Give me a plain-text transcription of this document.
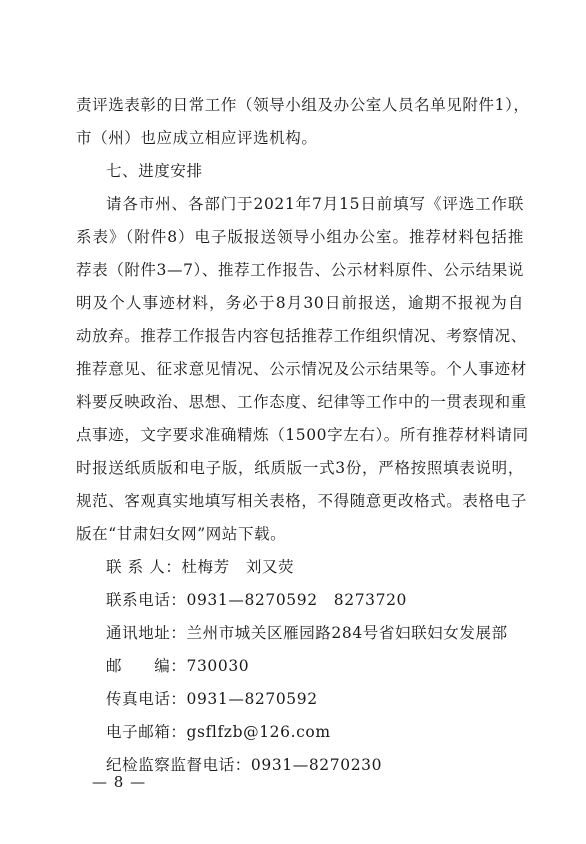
责评选表彰的日常工作（领导小组及办公室人员名单见附件1），
市（州）也应成立相应评选机构。
七、进度安排
请各市州、各部门于2021年7月15日前填写《评选工作联
系表》（附件8）电子版报送领导小组办公室。推荐材料包括推
荐表（附件3—7）、推荐工作报告、公示材料原件、公示结果说
明及个人事迹材料，务必于8月30日前报送，逾期不报视为自
动放弃。推荐工作报告内容包括推荐工作组织情况、考察情况、
推荐意见、征求意见情况、公示情况及公示结果等。个人事迹材
料要反映政治、思想、工作态度、纪律等工作中的一贯表现和重
点事迹，文字要求准确精炼（1500字左右）。所有推荐材料请同
时报送纸质版和电子版，纸质版一式3份，严格按照填表说明，
规范、客观真实地填写相关表格，不得随意更改格式。表格电子
版在“甘肃妇女网”网站下载。
联 系 人：杜梅芳　刘又荧
联系电话：0931—8270592　8273720
通讯地址：兰州市城关区雁园路284号省妇联妇女发展部
邮　　编：730030
传真电话：0931—8270592
电子邮箱：gsflfzb@126.com
纪检监察监督电话：0931—8270230
— 8 —
